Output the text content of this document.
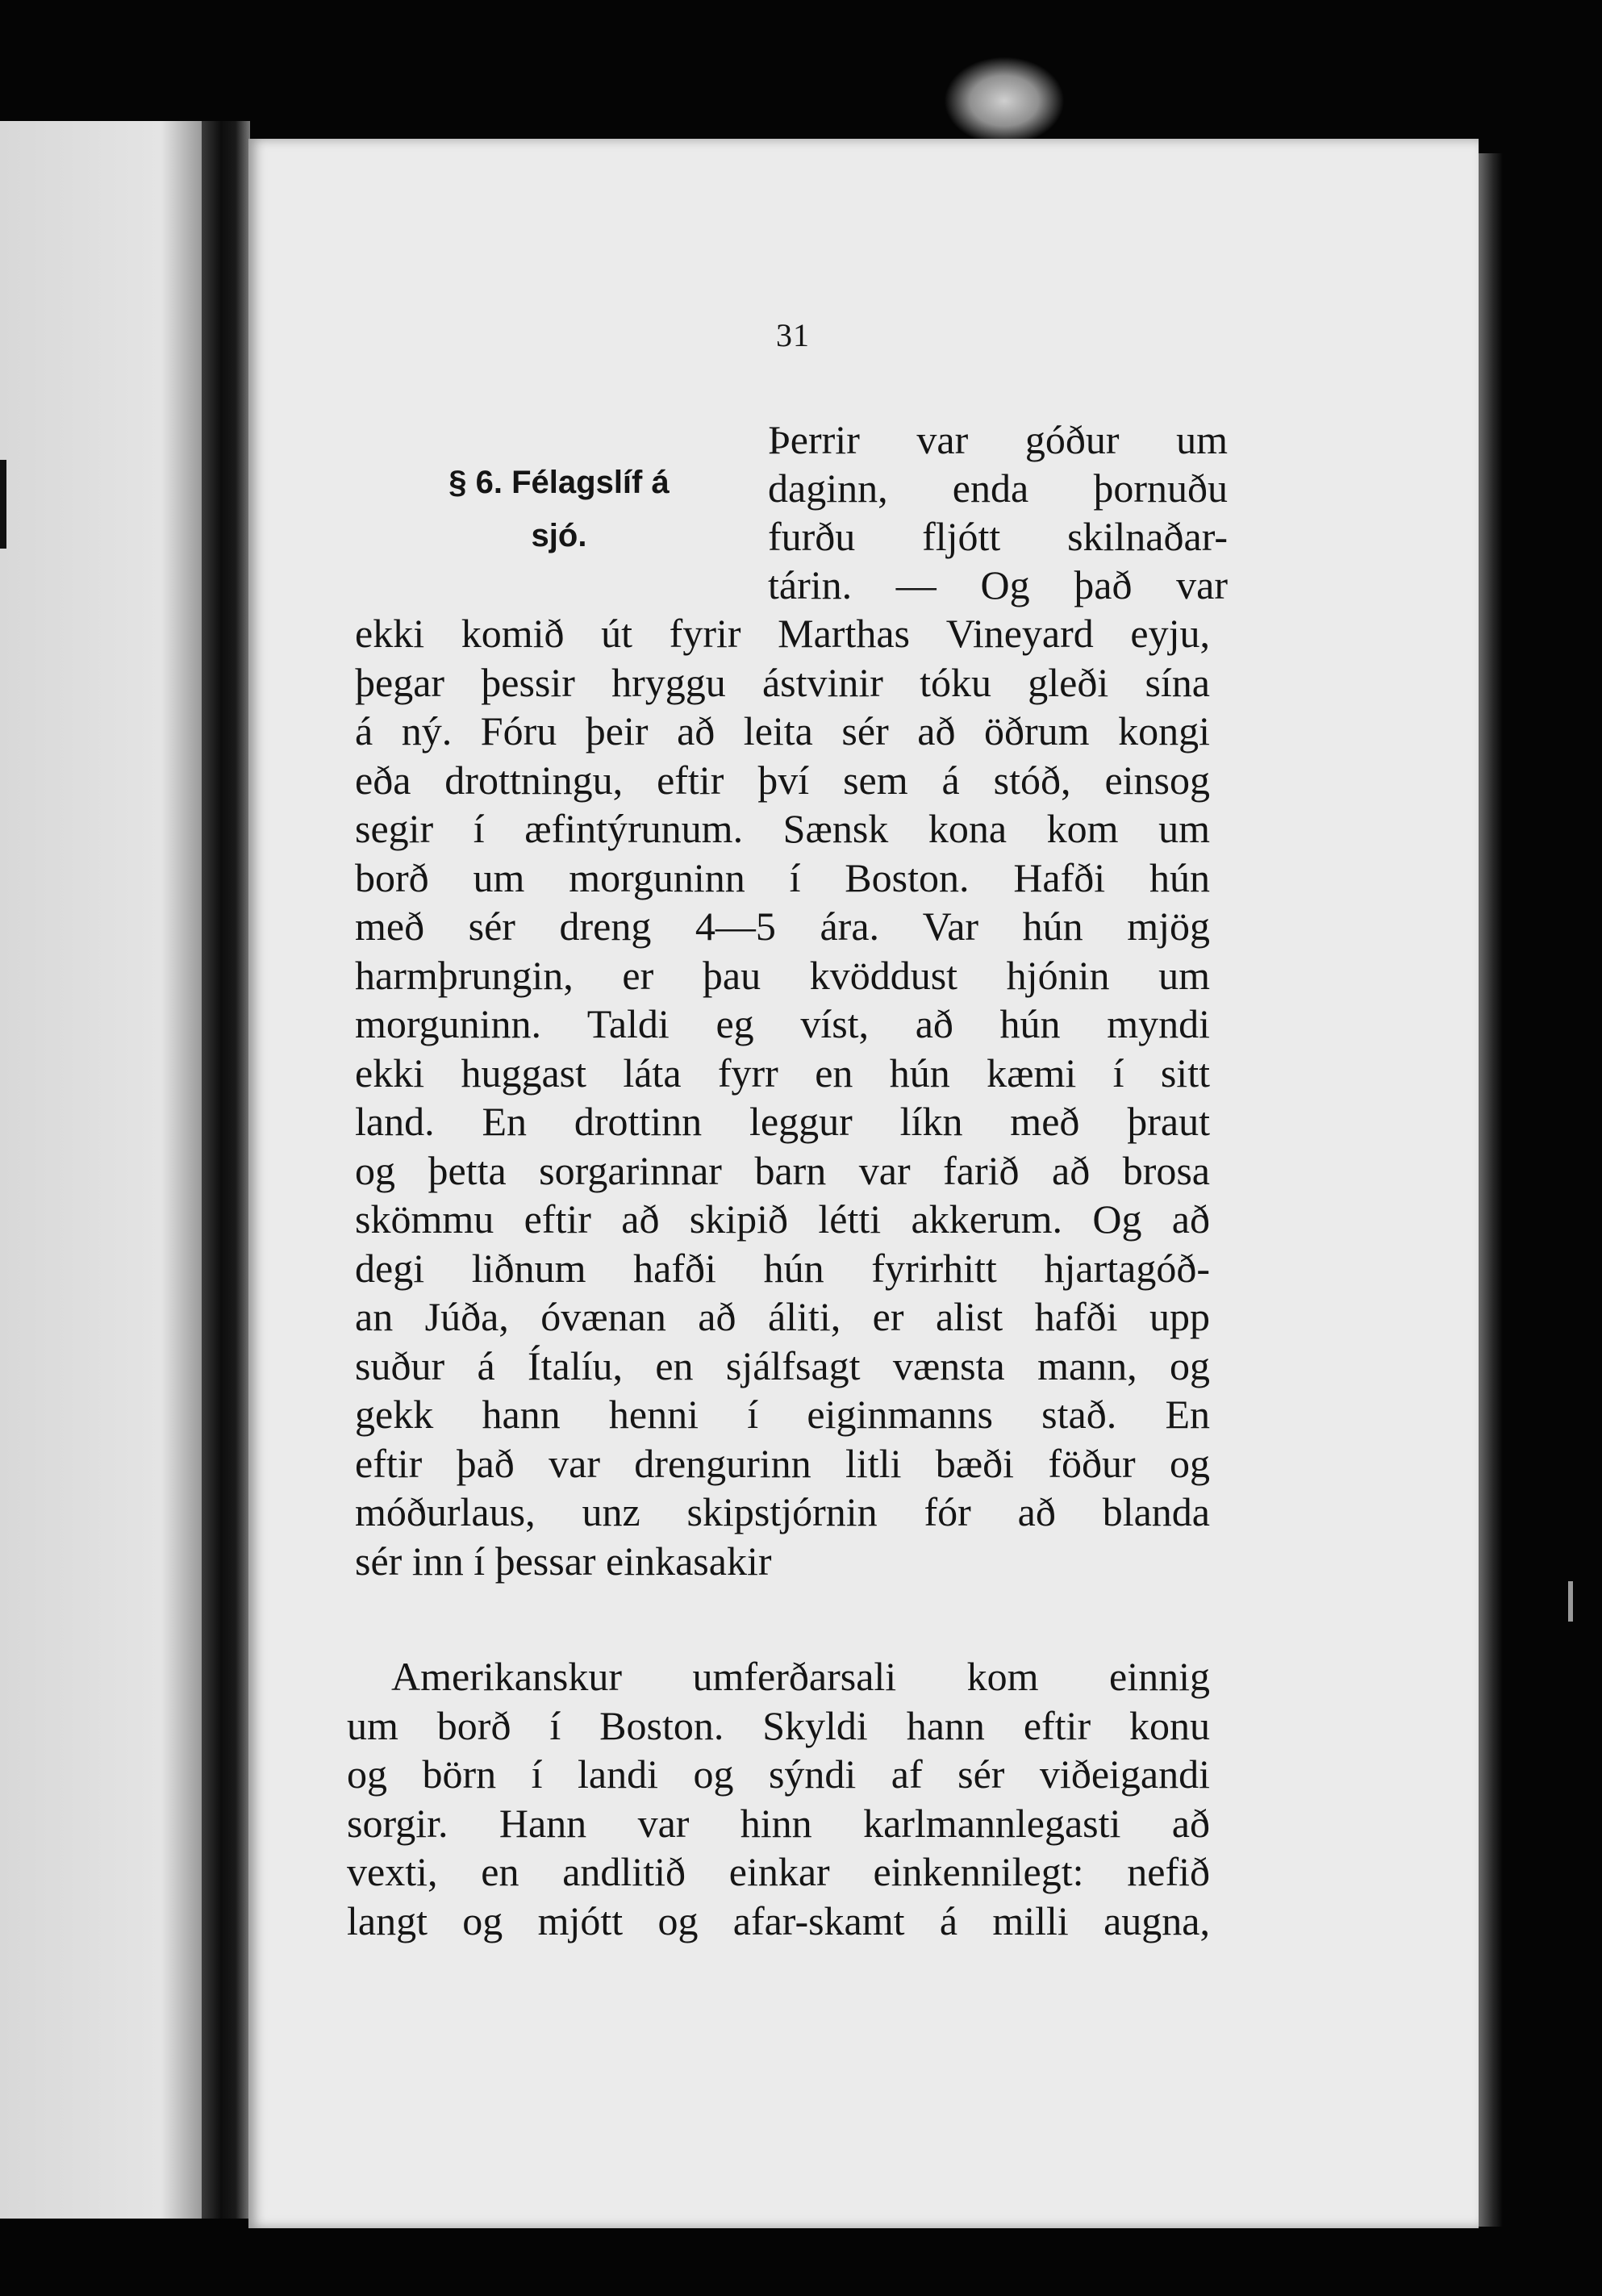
31
§ 6. Félagslíf á
sjó.
Þerrir var góður um
daginn, enda þornuðu
furðu fljótt skilnaðar-
tárin. — Og það var
ekki komið út fyrir Marthas Vineyard eyju,
þegar þessir hryggu ástvinir tóku gleði sína
á ný. Fóru þeir að leita sér að öðrum kongi
eða drottningu, eftir því sem á stóð, einsog
segir í æfintýrunum. Sænsk kona kom um
borð um morguninn í Boston. Hafði hún
með sér dreng 4—5 ára. Var hún mjög
harmþrungin, er þau kvöddust hjónin um
morguninn. Taldi eg víst, að hún myndi
ekki huggast láta fyrr en hún kæmi í sitt
land. En drottinn leggur líkn með þraut
og þetta sorgarinnar barn var farið að brosa
skömmu eftir að skipið létti akkerum. Og að
degi liðnum hafði hún fyrirhitt hjartagóð-
an Júða, óvænan að áliti, er alist hafði upp
suður á Ítalíu, en sjálfsagt vænsta mann, og
gekk hann henni í eiginmanns stað. En
eftir það var drengurinn litli bæði föður og
móðurlaus, unz skipstjórnin fór að blanda
sér inn í þessar einkasakir
Amerikanskur umferðarsali kom einnig
um borð í Boston. Skyldi hann eftir konu
og börn í landi og sýndi af sér viðeigandi
sorgir. Hann var hinn karlmannlegasti að
vexti, en andlitið einkar einkennilegt: nefið
langt og mjótt og afar-skamt á milli augna,
